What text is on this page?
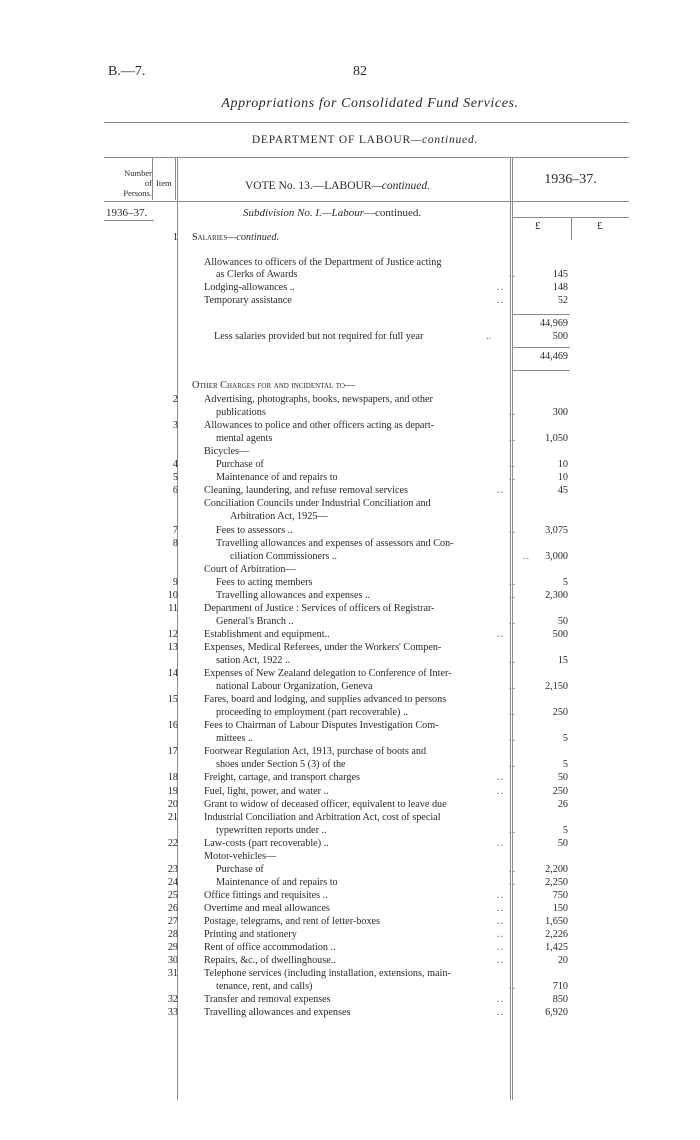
B.—7.	82
Appropriations for Consolidated Fund Services.
DEPARTMENT OF LABOUR—continued.
Number
of
Persons.
Item	VOTE No. 13.—LABOUR—continued.	1936–37.
1936–37.	Subdivision No. I.—Labour—continued.
£	£
1 Salaries—continued.
Allowances to officers of the Department of Justice acting
as Clerks of Awards	..	145
Lodging-allowances ..	..	148
Temporary assistance	..	52
44,969
Less salaries provided but not required for full year	..	500
44,469
Other Charges for and incidental to—
2	Advertising, photographs, books, newspapers, and other
publications	..	300
3	Allowances to police and other officers acting as depart-
mental agents	..	1,050
Bicycles—
4	Purchase of	..	10
5	Maintenance of and repairs to	..	10
6	Cleaning, laundering, and refuse removal services	..	45
Conciliation Councils under Industrial Conciliation and
Arbitration Act, 1925—
7	Fees to assessors ..	..	3,075
8	Travelling allowances and expenses of assessors and Con-
ciliation Commissioners ..	..	3,000
Court of Arbitration—
9	Fees to acting members	..	5
10	Travelling allowances and expenses ..	..	2,300
11	Department of Justice : Services of officers of Registrar-
General's Branch ..	..	50
12	Establishment and equipment..	..	500
13	Expenses, Medical Referees, under the Workers' Compen-
sation Act, 1922 ..	..	15
14	Expenses of New Zealand delegation to Conference of Inter-
national Labour Organization, Geneva	..	2,150
15	Fares, board and lodging, and supplies advanced to persons
proceeding to employment (part recoverable) ..	..	250
16	Fees to Chairman of Labour Disputes Investigation Com-
mittees ..	..	5
17	Footwear Regulation Act, 1913, purchase of boots and
shoes under Section 5 (3) of the	..	5
18	Freight, cartage, and transport charges	..	50
19	Fuel, light, power, and water ..	..	250
20	Grant to widow of deceased officer, equivalent to leave due	26
21	Industrial Conciliation and Arbitration Act, cost of special
typewritten reports under ..	..	5
22	Law-costs (part recoverable) ..	..	50
Motor-vehicles—
23	Purchase of	..	2,200
24	Maintenance of and repairs to	..	2,250
25	Office fittings and requisites ..	..	750
26	Overtime and meal allowances	..	150
27	Postage, telegrams, and rent of letter-boxes	..	1,650
28	Printing and stationery	..	2,226
29	Rent of office accommodation ..	..	1,425
30	Repairs, &c., of dwellinghouse..	..	20
31	Telephone services (including installation, extensions, main-
tenance, rent, and calls)	..	710
32	Transfer and removal expenses	..	850
33	Travelling allowances and expenses	..	6,920
